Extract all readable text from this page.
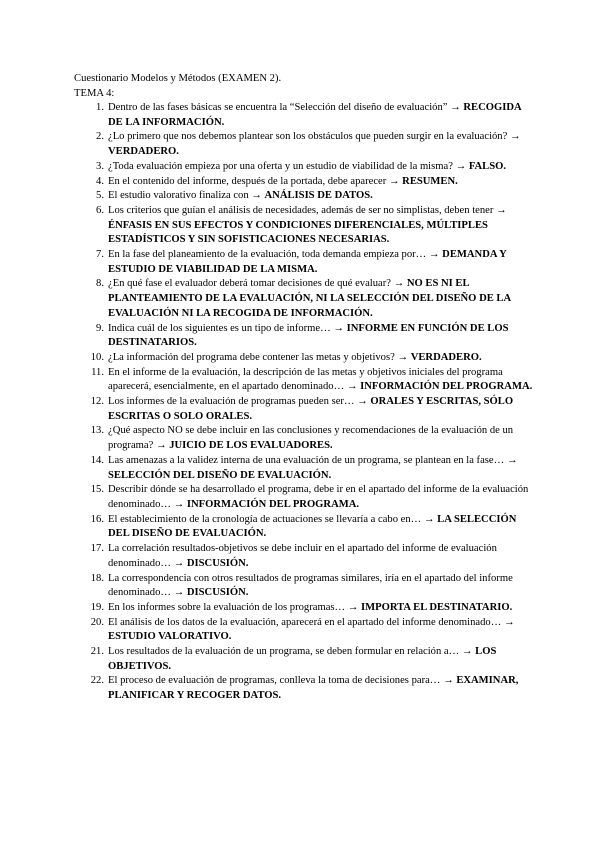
Cuestionario Modelos y Métodos (EXAMEN 2).
TEMA 4:
1. Dentro de las fases básicas se encuentra la “Selección del diseño de evaluación” → RECOGIDA DE LA INFORMACIÓN.
2. ¿Lo primero que nos debemos plantear son los obstáculos que pueden surgir en la evaluación? → VERDADERO.
3. ¿Toda evaluación empieza por una oferta y un estudio de viabilidad de la misma? → FALSO.
4. En el contenido del informe, después de la portada, debe aparecer → RESUMEN.
5. El estudio valorativo finaliza con → ANÁLISIS DE DATOS.
6. Los criterios que guían el análisis de necesidades, además de ser no simplistas, deben tener → ÉNFASIS EN SUS EFECTOS Y CONDICIONES DIFERENCIALES, MÚLTIPLES ESTADÍSTICOS Y SIN SOFISTICACIONES NECESARIAS.
7. En la fase del planeamiento de la evaluación, toda demanda empieza por… → DEMANDA Y ESTUDIO DE VIABILIDAD DE LA MISMA.
8. ¿En qué fase el evaluador deberá tomar decisiones de qué evaluar? → NO ES NI EL PLANTEAMIENTO DE LA EVALUACIÓN, NI LA SELECCIÓN DEL DISEÑO DE LA EVALUACIÓN NI LA RECOGIDA DE INFORMACIÓN.
9. Indica cuál de los siguientes es un tipo de informe… → INFORME EN FUNCIÓN DE LOS DESTINATARIOS.
10. ¿La información del programa debe contener las metas y objetivos? → VERDADERO.
11. En el informe de la evaluación, la descripción de las metas y objetivos iniciales del programa aparecerá, esencialmente, en el apartado denominado… → INFORMACIÓN DEL PROGRAMA.
12. Los informes de la evaluación de programas pueden ser… → ORALES Y ESCRITAS, SÓLO ESCRITAS O SOLO ORALES.
13. ¿Qué aspecto NO se debe incluir en las conclusiones y recomendaciones de la evaluación de un programa? → JUICIO DE LOS EVALUADORES.
14. Las amenazas a la validez interna de una evaluación de un programa, se plantean en la fase… → SELECCIÓN DEL DISEÑO DE EVALUACIÓN.
15. Describir dónde se ha desarrollado el programa, debe ir en el apartado del informe de la evaluación denominado… → INFORMACIÓN DEL PROGRAMA.
16. El establecimiento de la cronología de actuaciones se llevaría a cabo en… → LA SELECCIÓN DEL DISEÑO DE EVALUACIÓN.
17. La correlación resultados-objetivos se debe incluir en el apartado del informe de evaluación denominado… → DISCUSIÓN.
18. La correspondencia con otros resultados de programas similares, iría en el apartado del informe denominado… → DISCUSIÓN.
19. En los informes sobre la evaluación de los programas… → IMPORTA EL DESTINATARIO.
20. El análisis de los datos de la evaluación, aparecerá en el apartado del informe denominado… → ESTUDIO VALORATIVO.
21. Los resultados de la evaluación de un programa, se deben formular en relación a… → LOS OBJETIVOS.
22. El proceso de evaluación de programas, conlleva la toma de decisiones para… → EXAMINAR, PLANIFICAR Y RECOGER DATOS.
